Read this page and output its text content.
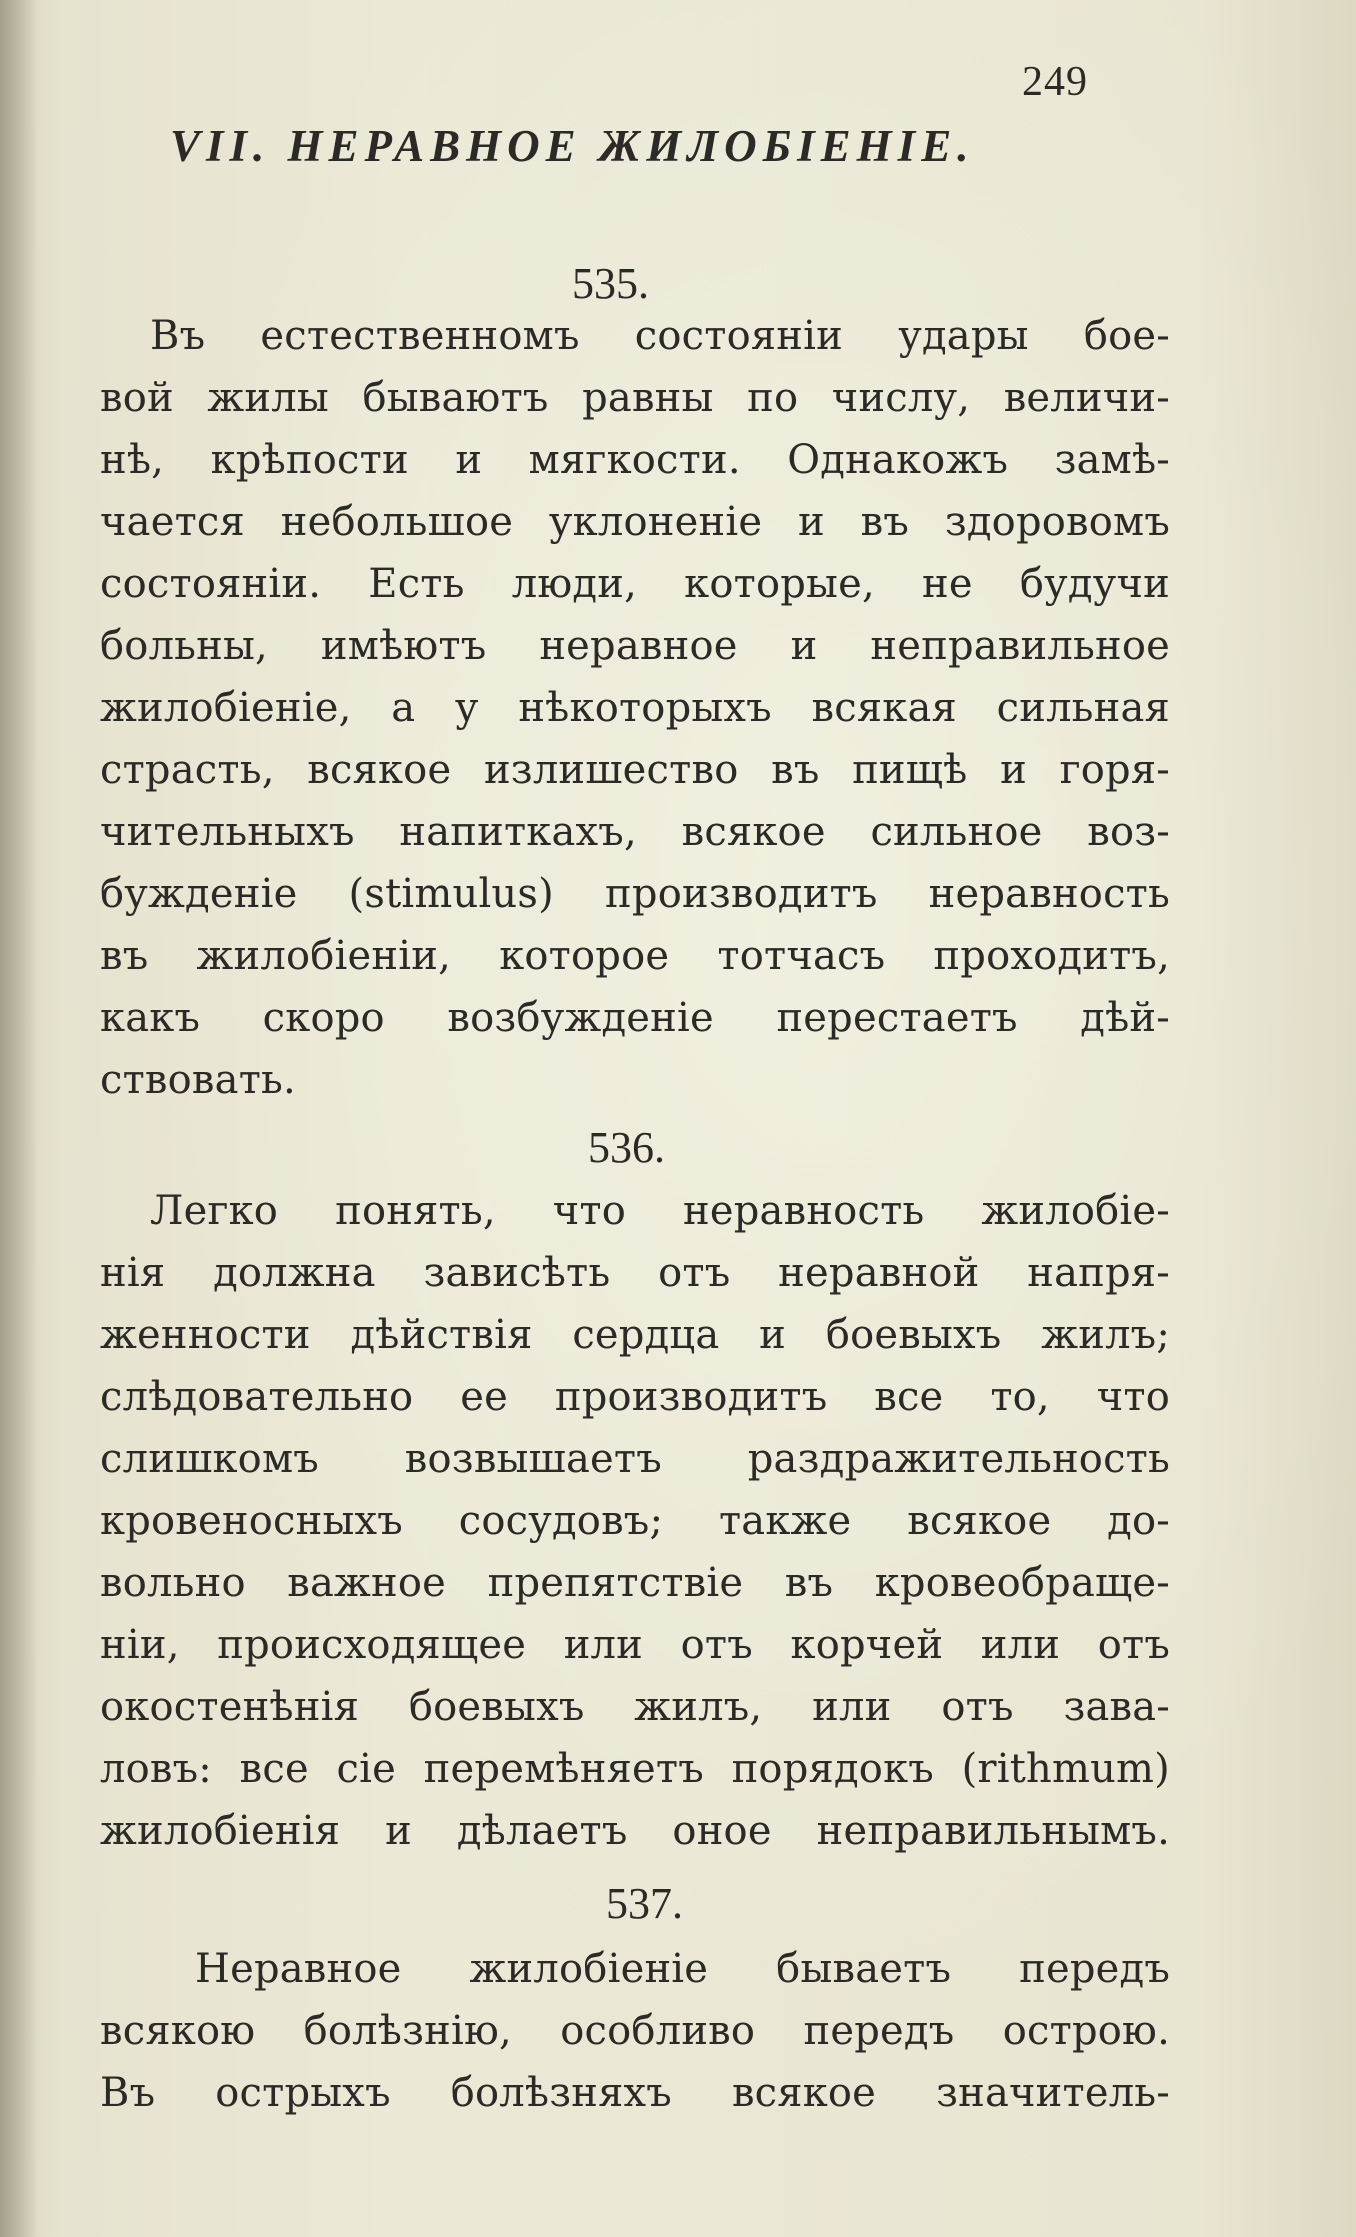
249
VII. НЕРАВНОЕ ЖИЛОБІЕНІЕ.
535.
Въ естественномъ состояніи удары бое-
вой жилы бываютъ равны по числу, величи-
нѣ, крѣпости и мягкости. Однакожъ замѣ-
чается небольшое уклоненіе и въ здоровомъ
состояніи. Есть люди, которые, не будучи
больны, имѣютъ неравное и неправильное
жилобіеніе, а у нѣкоторыхъ всякая сильная
страсть, всякое излишество въ пищѣ и горя-
чительныхъ напиткахъ, всякое сильное воз-
бужденіе (stimulus) производитъ неравность
въ жилобіеніи, которое тотчасъ проходитъ,
какъ скоро возбужденіе перестаетъ дѣй-
ствовать.
536.
Легко понять, что неравность жилобіе-
нія должна зависѣть отъ неравной напря-
женности дѣйствія сердца и боевыхъ жилъ;
слѣдовательно ее производитъ все то, что
слишкомъ возвышаетъ раздражительность
кровеносныхъ сосудовъ; также всякое до-
вольно важное препятствіе въ кровеобраще-
ніи, происходящее или отъ корчей или отъ
окостенѣнія боевыхъ жилъ, или отъ зава-
ловъ: все сіе перемѣняетъ порядокъ (rithmum)
жилобіенія и дѣлаетъ оное неправильнымъ.
537.
Неравное жилобіеніе бываетъ передъ
всякою болѣзнію, особливо передъ острою.
Въ острыхъ болѣзняхъ всякое значитель-
